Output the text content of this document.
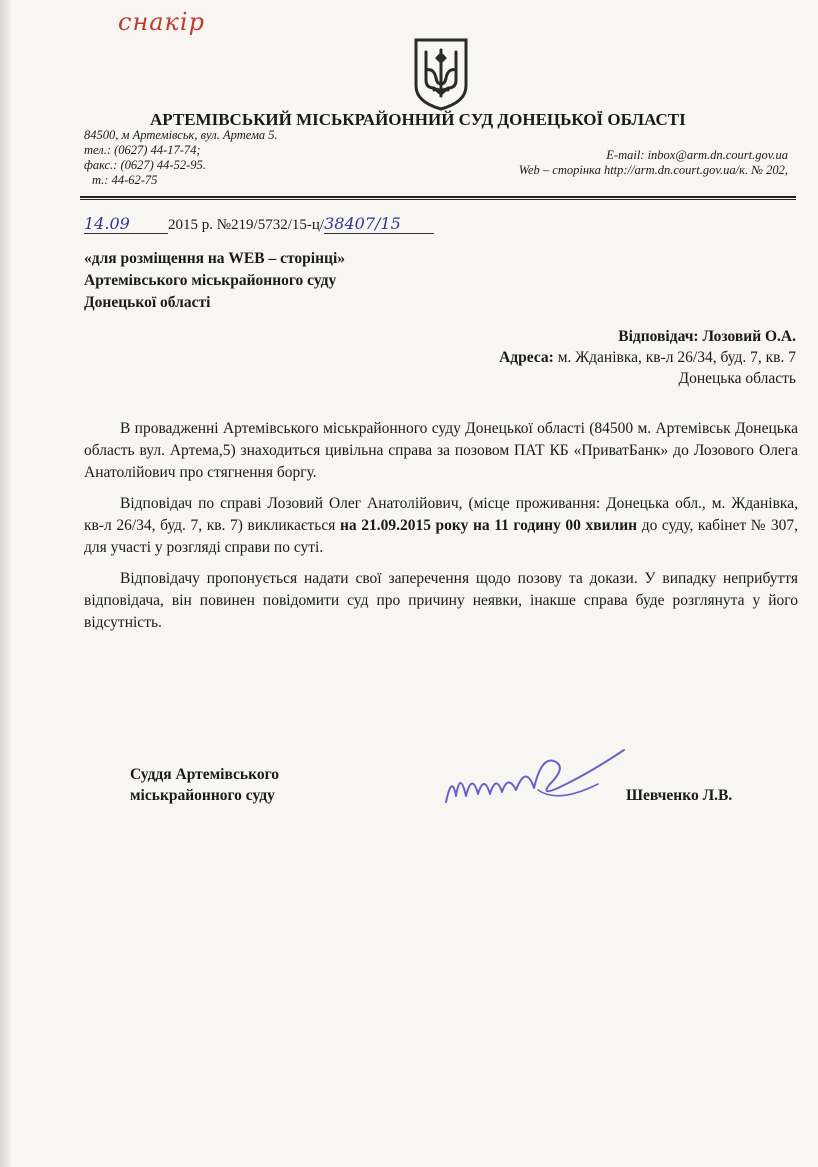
снакір
АРТЕМІВСЬКИЙ МІСЬКРАЙОННИЙ СУД ДОНЕЦЬКОЇ ОБЛАСТІ
84500, м Артемівськ, вул. Артема 5.
тел.: (0627) 44-17-74;
факс.: (0627) 44-52-95.
т.: 44-62-75
E-mail: inbox@arm.dn.court.gov.ua
Web – сторінка http://arm.dn.court.gov.ua/к. № 202,
14.09	2015 р. №219/5732/15-ц/38407/15
«для розміщення на WEB – сторінці»
Артемівського міськрайонного суду
Донецької області
Відповідач: Лозовий О.А.
Адреса: м. Жданівка, кв-л 26/34, буд. 7, кв. 7
Донецька область
В провадженні Артемівського міськрайонного суду Донецької області (84500 м. Артемівськ Донецька область вул. Артема,5) знаходиться цивільна справа за позовом ПАТ КБ «ПриватБанк» до Лозового Олега Анатолійович про стягнення боргу.
Відповідач по справі Лозовий Олег Анатолійович, (місце проживання: Донецька обл., м. Жданівка, кв-л 26/34, буд. 7, кв. 7) викликається на 21.09.2015 року на 11 годину 00 хвилин до суду, кабінет № 307, для участі у розгляді справи по суті.
Відповідачу пропонується надати свої заперечення щодо позову та докази. У випадку неприбуття відповідача, він повинен повідомити суд про причину неявки, інакше справа буде розглянута у його відсутність.
Суддя Артемівського
міськрайонного суду	Шевченко Л.В.
